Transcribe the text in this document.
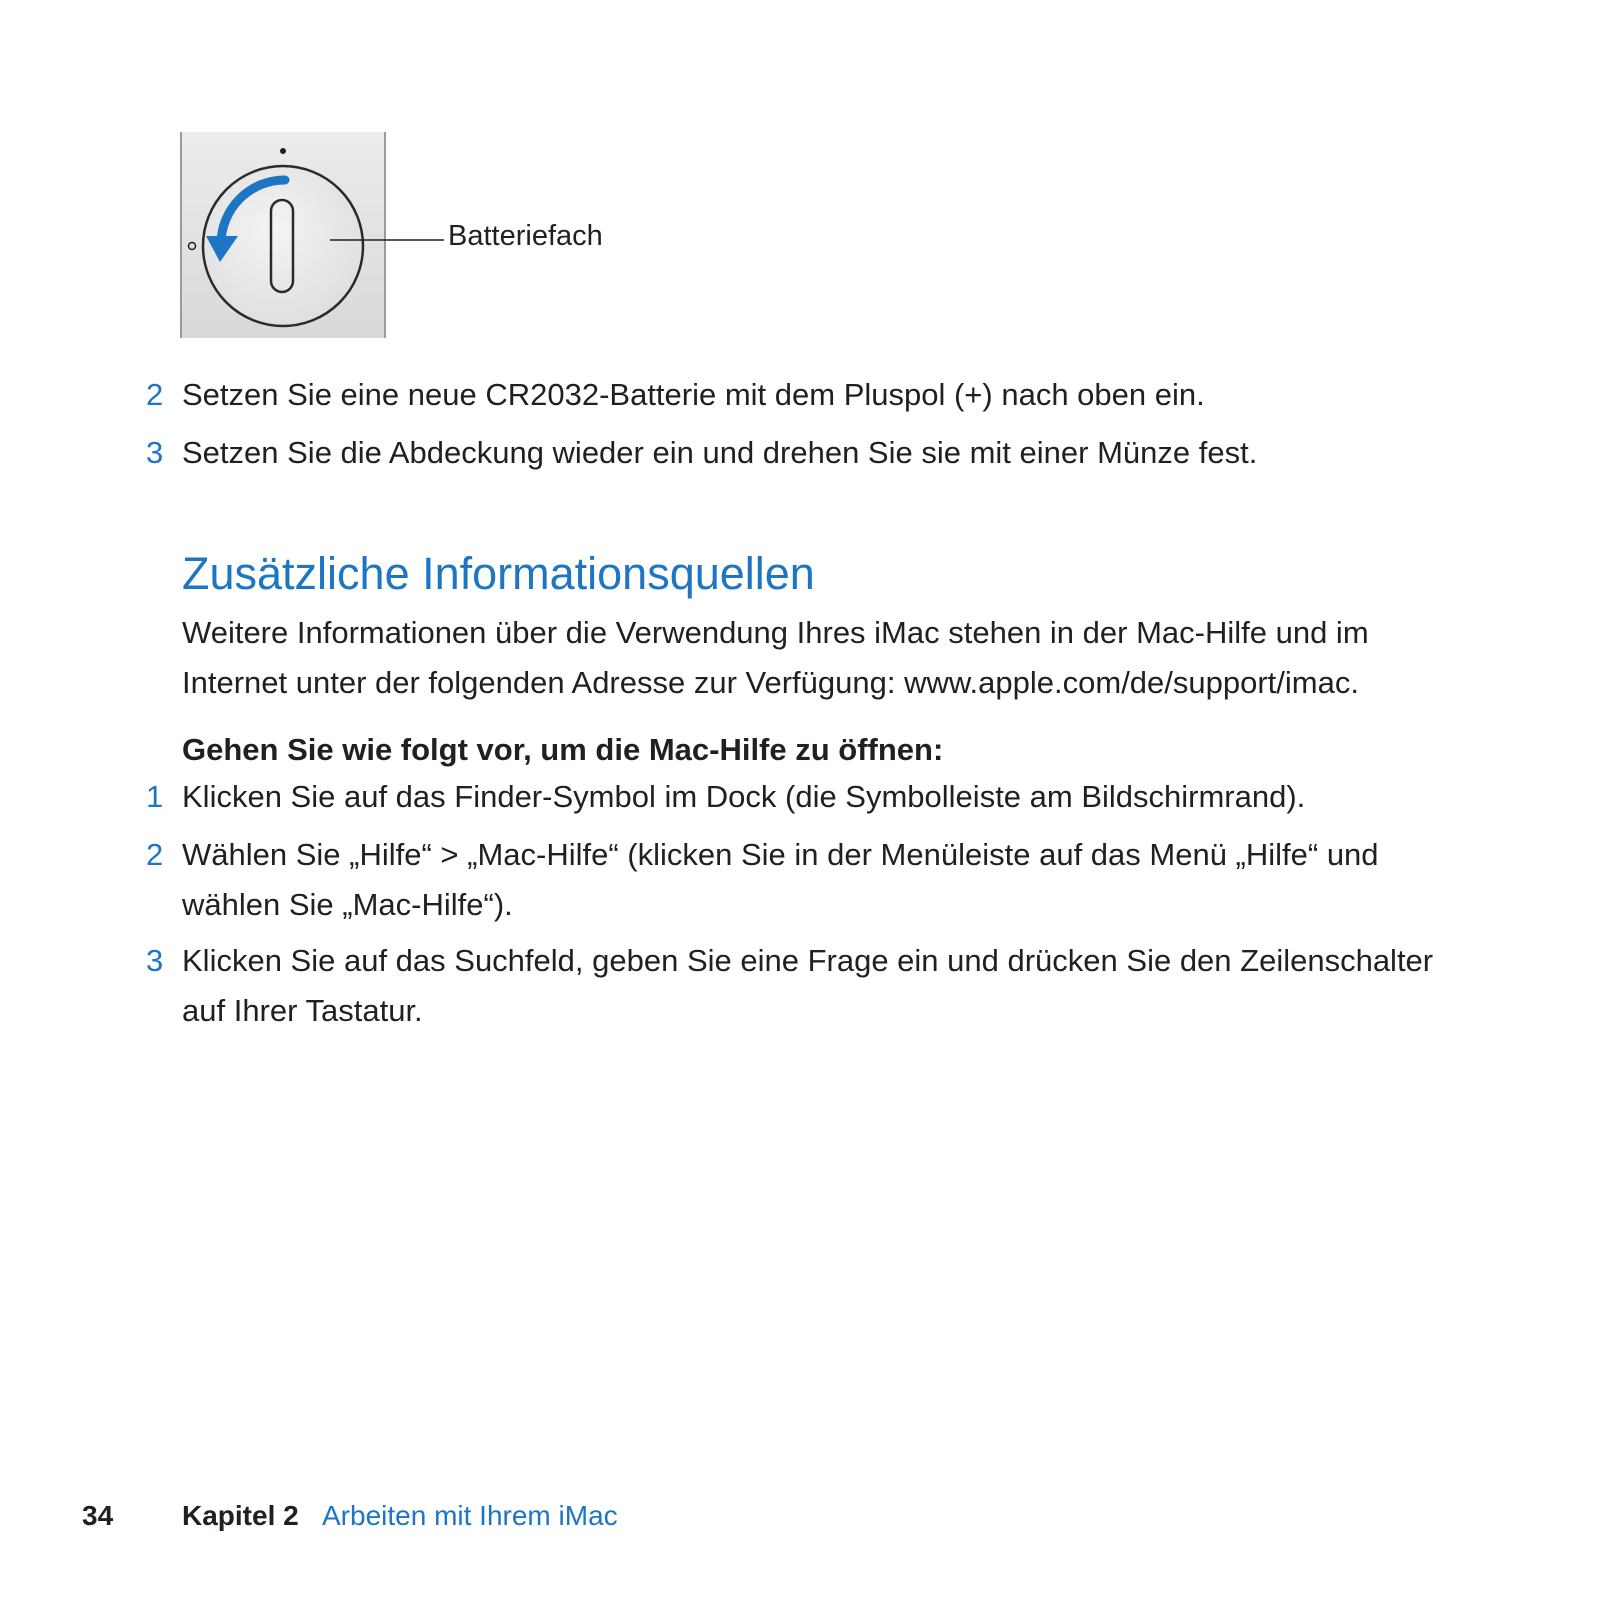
Batteriefach
2 Setzen Sie eine neue CR2032-Batterie mit dem Pluspol (+) nach oben ein.
3 Setzen Sie die Abdeckung wieder ein und drehen Sie sie mit einer Münze fest.
Zusätzliche Informationsquellen
Weitere Informationen über die Verwendung Ihres iMac stehen in der Mac-Hilfe und im Internet unter der folgenden Adresse zur Verfügung: www.apple.com/de/support/imac.
Gehen Sie wie folgt vor, um die Mac-Hilfe zu öffnen:
1 Klicken Sie auf das Finder-Symbol im Dock (die Symbolleiste am Bildschirmrand).
2 Wählen Sie „Hilfe“ > „Mac-Hilfe“ (klicken Sie in der Menüleiste auf das Menü „Hilfe“ und wählen Sie „Mac-Hilfe“).
3 Klicken Sie auf das Suchfeld, geben Sie eine Frage ein und drücken Sie den Zeilenschalter auf Ihrer Tastatur.
34 Kapitel 2 Arbeiten mit Ihrem iMac
